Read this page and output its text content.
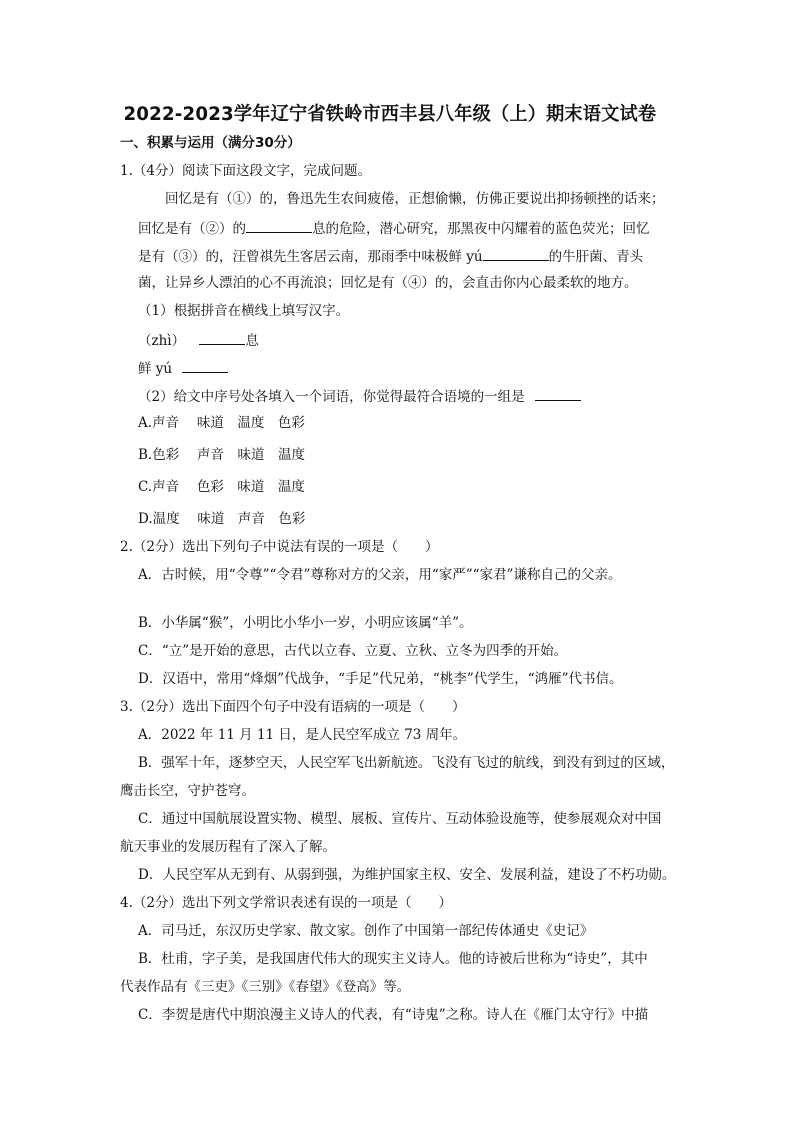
2022-2023学年辽宁省铁岭市西丰县八年级（上）期末语文试卷
一、积累与运用（满分30分）
1.（4分）阅读下面这段文字，完成问题。
回忆是有（①）的，鲁迅先生农间疲倦，正想偷懒，仿佛正要说出抑扬顿挫的话来；
回忆是有（②）的	息的危险，潜心研究，那黑夜中闪耀着的蓝色荧光；回忆
是有（③）的，汪曾祺先生客居云南，那雨季中味极鲜 yú	的牛肝菌、青头
菌，让异乡人漂泊的心不再流浪；回忆是有（④）的，会直击你内心最柔软的地方。
（1）根据拼音在横线上填写汉字。
（zhì）	息
鲜 yú
（2）给文中序号处各填入一个词语，你觉得最符合语境的一组是
A.声音　 味道　温度　色彩
B.色彩　 声音　味道　温度
C.声音　 色彩　味道　温度
D.温度　 味道　声音　色彩
2.（2分）选出下列句子中说法有误的一项是（　　）
A．古时候，用“令尊”“令君”尊称对方的父亲，用“家严”“家君”谦称自己的父亲。
B．小华属“猴”，小明比小华小一岁，小明应该属“羊”。
C．“立”是开始的意思，古代以立春、立夏、立秋、立冬为四季的开始。
D．汉语中，常用“烽烟”代战争，“手足”代兄弟，“桃李”代学生，“鸿雁”代书信。
3.（2分）选出下面四个句子中没有语病的一项是（　　）
A．2022 年 11 月 11 日，是人民空军成立 73 周年。
B．强军十年，逐梦空天，人民空军飞出新航迹。飞没有飞过的航线，到没有到过的区域，
鹰击长空，守护苍穹。
C．通过中国航展设置实物、模型、展板、宣传片、互动体验设施等，使参展观众对中国
航天事业的发展历程有了深入了解。
D．人民空军从无到有、从弱到强，为维护国家主权、安全、发展利益，建设了不朽功勋。
4.（2分）选出下列文学常识表述有误的一项是（　　）
A．司马迁，东汉历史学家、散文家。创作了中国第一部纪传体通史《史记》
B．杜甫，字子美，是我国唐代伟大的现实主义诗人。他的诗被后世称为“诗史”，其中
代表作品有《三吏》《三别》《春望》《登高》等。
C．李贺是唐代中期浪漫主义诗人的代表，有“诗鬼”之称。诗人在《雁门太守行》中描
